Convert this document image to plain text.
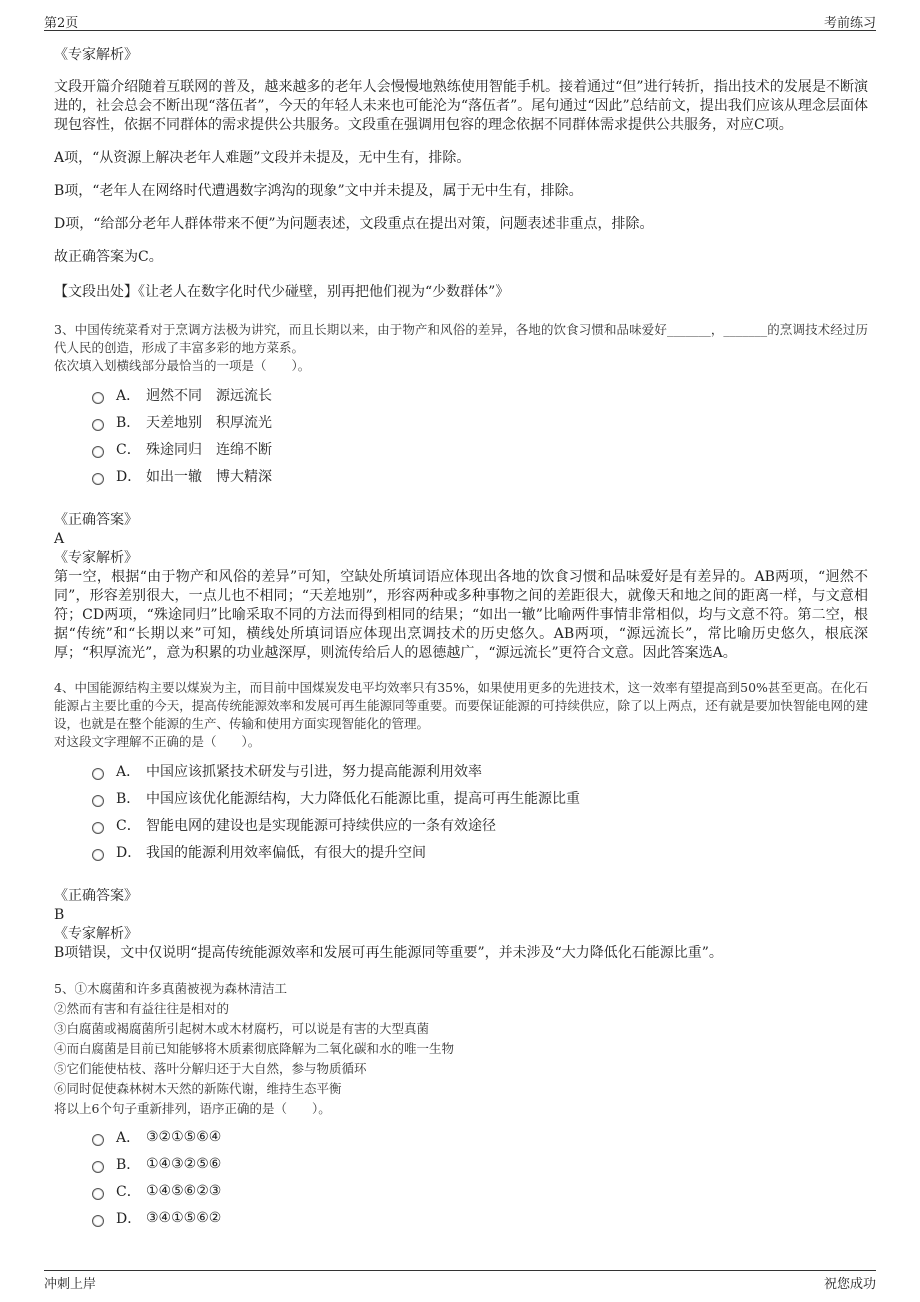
第2页	考前练习

《专家解析》

文段开篇介绍随着互联网的普及，越来越多的老年人会慢慢地熟练使用智能手机。接着通过“但”进行转折，指出技术的发展是不断演进的，社会总会不断出现“落伍者”，今天的年轻人未来也可能沦为“落伍者”。尾句通过“因此”总结前文，提出我们应该从理念层面体现包容性，依据不同群体的需求提供公共服务。文段重在强调用包容的理念依据不同群体需求提供公共服务，对应C项。

A项，“从资源上解决老年人难题”文段并未提及，无中生有，排除。

B项，“老年人在网络时代遭遇数字鸿沟的现象”文中并未提及，属于无中生有，排除。

D项，“给部分老年人群体带来不便”为问题表述，文段重点在提出对策，问题表述非重点，排除。

故正确答案为C。

【文段出处】《让老人在数字化时代少碰壁，别再把他们视为“少数群体”》

3、中国传统菜肴对于烹调方法极为讲究，而且长期以来，由于物产和风俗的差异，各地的饮食习惯和品味爱好_______，_______的烹调技术经过历代人民的创造，形成了丰富多彩的地方菜系。

依次填入划横线部分最恰当的一项是（　　）。

A． 迥然不同　源远流长
B． 天差地别　积厚流光
C． 殊途同归　连绵不断
D． 如出一辙　博大精深

《正确答案》

A

《专家解析》

第一空，根据“由于物产和风俗的差异”可知，空缺处所填词语应体现出各地的饮食习惯和品味爱好是有差异的。AB两项，“迥然不同”，形容差别很大，一点儿也不相同；“天差地别”，形容两种或多种事物之间的差距很大，就像天和地之间的距离一样，与文意相符；CD两项，“殊途同归”比喻采取不同的方法而得到相同的结果；“如出一辙”比喻两件事情非常相似，均与文意不符。第二空，根据“传统”和“长期以来”可知，横线处所填词语应体现出烹调技术的历史悠久。AB两项，“源远流长”，常比喻历史悠久，根底深厚；“积厚流光”，意为积累的功业越深厚，则流传给后人的恩德越广，“源远流长”更符合文意。因此答案选A。

4、中国能源结构主要以煤炭为主，而目前中国煤炭发电平均效率只有35%，如果使用更多的先进技术，这一效率有望提高到50%甚至更高。在化石能源占主要比重的今天，提高传统能源效率和发展可再生能源同等重要。而要保证能源的可持续供应，除了以上两点，还有就是要加快智能电网的建设，也就是在整个能源的生产、传输和使用方面实现智能化的管理。

对这段文字理解不正确的是（　　）。

A． 中国应该抓紧技术研发与引进，努力提高能源利用效率
B． 中国应该优化能源结构，大力降低化石能源比重，提高可再生能源比重
C． 智能电网的建设也是实现能源可持续供应的一条有效途径
D． 我国的能源利用效率偏低，有很大的提升空间

《正确答案》

B

《专家解析》

B项错误，文中仅说明“提高传统能源效率和发展可再生能源同等重要”，并未涉及“大力降低化石能源比重”。

5、①木腐菌和许多真菌被视为森林清洁工

②然而有害和有益往往是相对的

③白腐菌或褐腐菌所引起树木或木材腐朽，可以说是有害的大型真菌

④而白腐菌是目前已知能够将木质素彻底降解为二氧化碳和水的唯一生物

⑤它们能使枯枝、落叶分解归还于大自然，参与物质循环

⑥同时促使森林树木天然的新陈代谢，维持生态平衡

将以上6个句子重新排列，语序正确的是（　　）。

A． ③②①⑤⑥④
B． ①④③②⑤⑥
C． ①④⑤⑥②③
D． ③④①⑤⑥②
冲刺上岸	祝您成功
